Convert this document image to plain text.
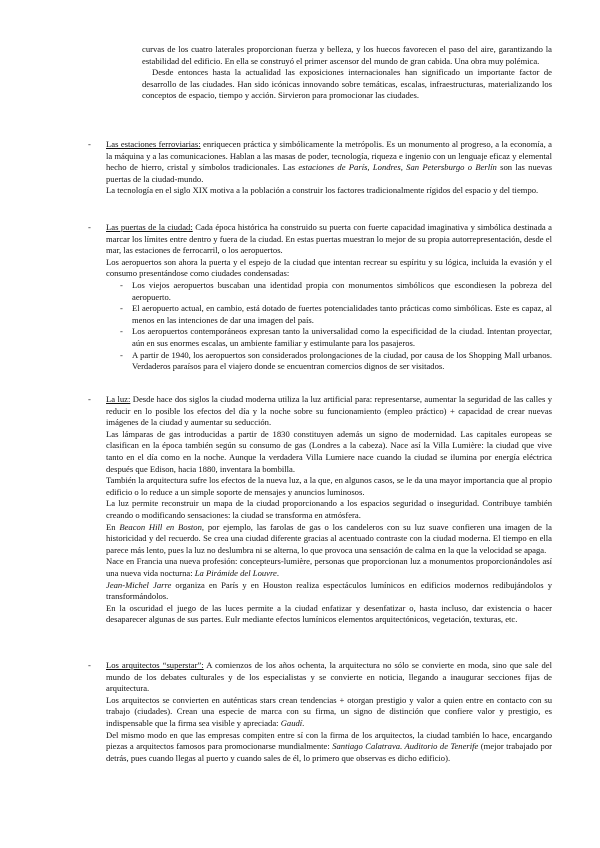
curvas de los cuatro laterales proporcionan fuerza y belleza, y los huecos favorecen el paso del aire, garantizando la estabilidad del edificio. En ella se construyó el primer ascensor del mundo de gran cabida. Una obra muy polémica.

Desde entonces hasta la actualidad las exposiciones internacionales han significado un importante factor de desarrollo de las ciudades. Han sido icónicas innovando sobre temáticas, escalas, infraestructuras, materializando los conceptos de espacio, tiempo y acción. Sirvieron para promocionar las ciudades.

-	Las estaciones ferroviarias: enriquecen práctica y simbólicamente la metrópolis. Es un monumento al progreso, a la economía, a la máquina y a las comunicaciones. Hablan a las masas de poder, tecnología, riqueza e ingenio con un lenguaje eficaz y elemental hecho de hierro, cristal y símbolos tradicionales. Las estaciones de París, Londres, San Petersburgo o Berlín son las nuevas puertas de la ciudad-mundo.

La tecnología en el siglo XIX motiva a la población a construir los factores tradicionalmente rígidos del espacio y del tiempo.

-	Las puertas de la ciudad: Cada época histórica ha construido su puerta con fuerte capacidad imaginativa y simbólica destinada a marcar los límites entre dentro y fuera de la ciudad. En estas puertas muestran lo mejor de su propia autorrepresentación, desde el mar, las estaciones de ferrocarril, o los aeropuertos.

Los aeropuertos son ahora la puerta y el espejo de la ciudad que intentan recrear su espíritu y su lógica, incluida la evasión y el consumo presentándose como ciudades condensadas:

- Los viejos aeropuertos buscaban una identidad propia con monumentos simbólicos que escondiesen la pobreza del aeropuerto.

- El aeropuerto actual, en cambio, está dotado de fuertes potencialidades tanto prácticas como simbólicas. Este es capaz, al menos en las intenciones de dar una imagen del país.

- Los aeropuertos contemporáneos expresan tanto la universalidad como la especificidad de la ciudad. Intentan proyectar, aún en sus enormes escalas, un ambiente familiar y estimulante para los pasajeros.

- A partir de 1940, los aeropuertos son considerados prolongaciones de la ciudad, por causa de los Shopping Mall urbanos. Verdaderos paraísos para el viajero donde se encuentran comercios dignos de ser visitados.

-	La luz: Desde hace dos siglos la ciudad moderna utiliza la luz artificial para: representarse, aumentar la seguridad de las calles y reducir en lo posible los efectos del día y la noche sobre su funcionamiento (empleo práctico) + capacidad de crear nuevas imágenes de la ciudad y aumentar su seducción.

Las lámparas de gas introducidas a partir de 1830 constituyen además un signo de modernidad. Las capitales europeas se clasifican en la época también según su consumo de gas (Londres a la cabeza). Nace así la Villa Lumière: la ciudad que vive tanto en el día como en la noche. Aunque la verdadera Villa Lumiere nace cuando la ciudad se ilumina por energía eléctrica después que Edison, hacia 1880, inventara la bombilla.

También la arquitectura sufre los efectos de la nueva luz, a la que, en algunos casos, se le da una mayor importancia que al propio edificio o lo reduce a un simple soporte de mensajes y anuncios luminosos.

La luz permite reconstruir un mapa de la ciudad proporcionando a los espacios seguridad o inseguridad. Contribuye también creando o modificando sensaciones: la ciudad se transforma en atmósfera.

En Beacon Hill en Boston, por ejemplo, las farolas de gas o los candeleros con su luz suave confieren una imagen de la historicidad y del recuerdo. Se crea una ciudad diferente gracias al acentuado contraste con la ciudad moderna. El tiempo en ella parece más lento, pues la luz no deslumbra ni se alterna, lo que provoca una sensación de calma en la que la velocidad se apaga.

Nace en Francia una nueva profesión: concepteurs-lumière, personas que proporcionan luz a monumentos proporcionándoles así una nueva vida nocturna: La Pirámide del Louvre.

Jean-Michel Jarre organiza en París y en Houston realiza espectáculos lumínicos en edificios modernos redibujándolos y transformándolos.

En la oscuridad el juego de las luces permite a la ciudad enfatizar y desenfatizar o, hasta incluso, dar existencia o hacer desaparecer algunas de sus partes. Eulr mediante efectos lumínicos elementos arquitectónicos, vegetación, texturas, etc.

-	Los arquitectos “superstar”: A comienzos de los años ochenta, la arquitectura no sólo se convierte en moda, sino que sale del mundo de los debates culturales y de los especialistas y se convierte en noticia, llegando a inaugurar secciones fijas de arquitectura.

Los arquitectos se convierten en auténticas stars crean tendencias + otorgan prestigio y valor a quien entre en contacto con su trabajo (ciudades). Crean una especie de marca con su firma, un signo de distinción que confiere valor y prestigio, es indispensable que la firma sea visible y apreciada: Gaudí.

Del mismo modo en que las empresas compiten entre sí con la firma de los arquitectos, la ciudad también lo hace, encargando piezas a arquitectos famosos para promocionarse mundialmente: Santiago Calatrava. Auditorio de Tenerife (mejor trabajado por detrás, pues cuando llegas al puerto y cuando sales de él, lo primero que observas es dicho edificio).
